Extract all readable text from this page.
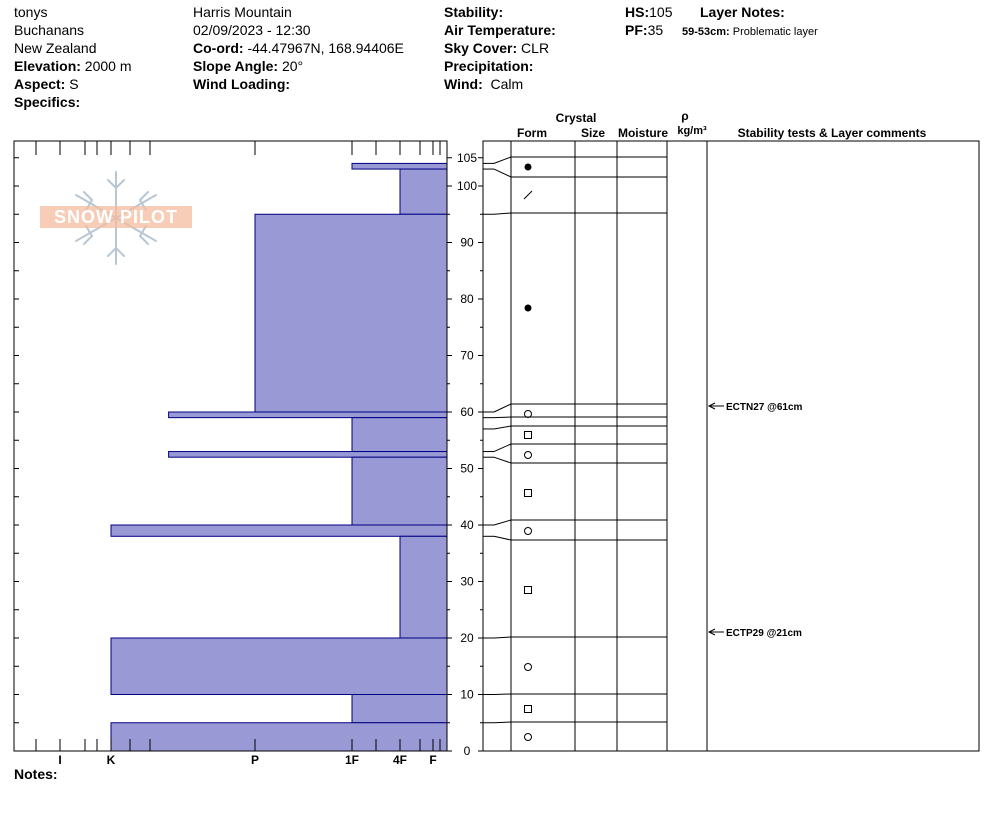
tonys
Buchanans
New Zealand
Elevation: 2000 m
Aspect: S
Specifics:
Harris Mountain
02/09/2023 - 12:30
Co-ord: -44.47967N, 168.94406E
Slope Angle: 20°
Wind Loading:
Stability:
Air Temperature:
Sky Cover: CLR
Precipitation:
Wind: Calm
HS:105
PF:35
Layer Notes:
59-53cm: Problematic layer
Notes:
SNOW PILOT
I	K	P	1F	4F F
0
10
20
30
40
50
60
70
80
90
100
105
ECTN27 @61cm
ECTP29 @21cm
Crystal
Form	Size Moisture
ρ
kg/m³	Stability tests & Layer comments
